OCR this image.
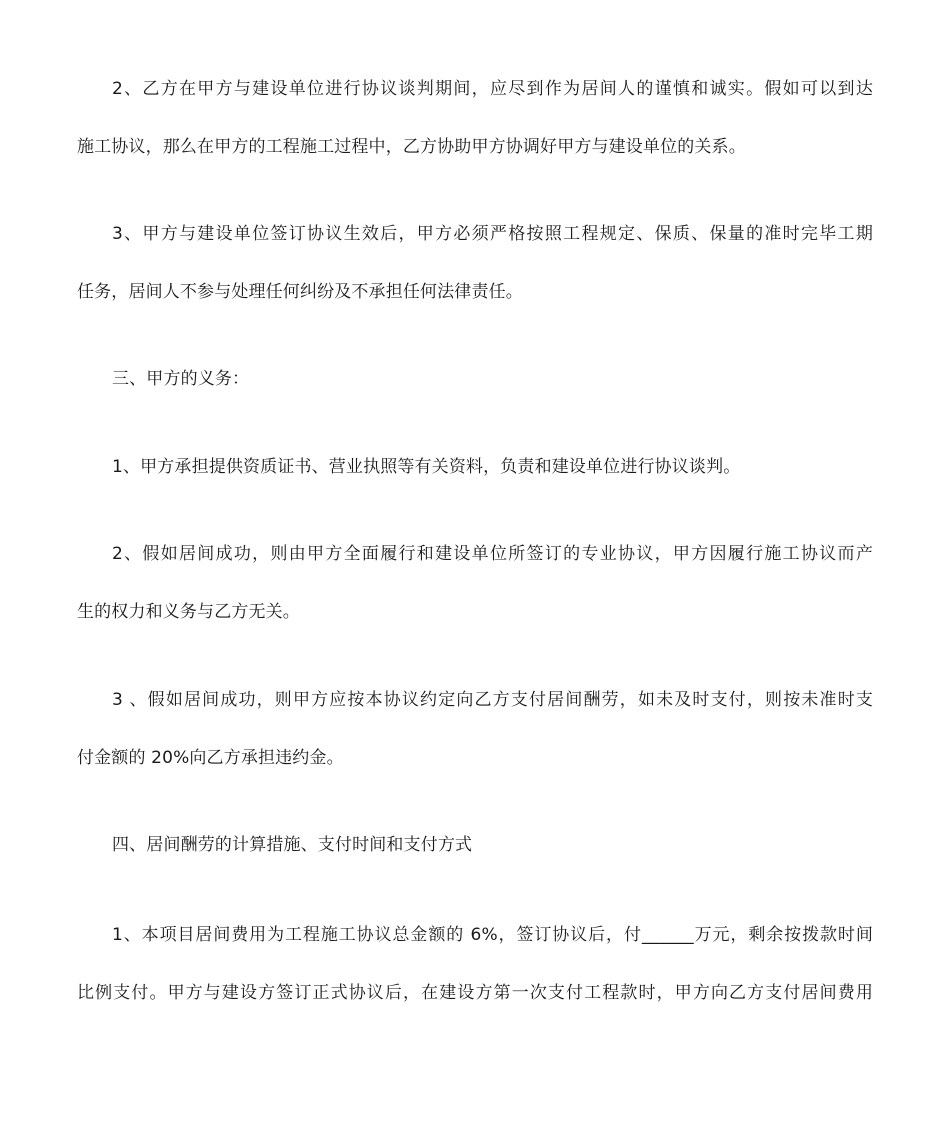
2、乙方在甲方与建设单位进行协议谈判期间，应尽到作为居间人的谨慎和诚实。假如可以到达
施工协议，那么在甲方的工程施工过程中，乙方协助甲方协调好甲方与建设单位的关系。
3、甲方与建设单位签订协议生效后，甲方必须严格按照工程规定、保质、保量的准时完毕工期
任务，居间人不参与处理任何纠纷及不承担任何法律责任。
三、甲方的义务：
1、甲方承担提供资质证书、营业执照等有关资料，负责和建设单位进行协议谈判。
2、假如居间成功，则由甲方全面履行和建设单位所签订的专业协议，甲方因履行施工协议而产
生的权力和义务与乙方无关。
3 、假如居间成功，则甲方应按本协议约定向乙方支付居间酬劳，如未及时支付，则按未准时支
付金额的 20%向乙方承担违约金。
四、居间酬劳的计算措施、支付时间和支付方式
1、本项目居间费用为工程施工协议总金额的 6%，签订协议后，付______万元，剩余按拨款时间
比例支付。甲方与建设方签订正式协议后，在建设方第一次支付工程款时，甲方向乙方支付居间费用
